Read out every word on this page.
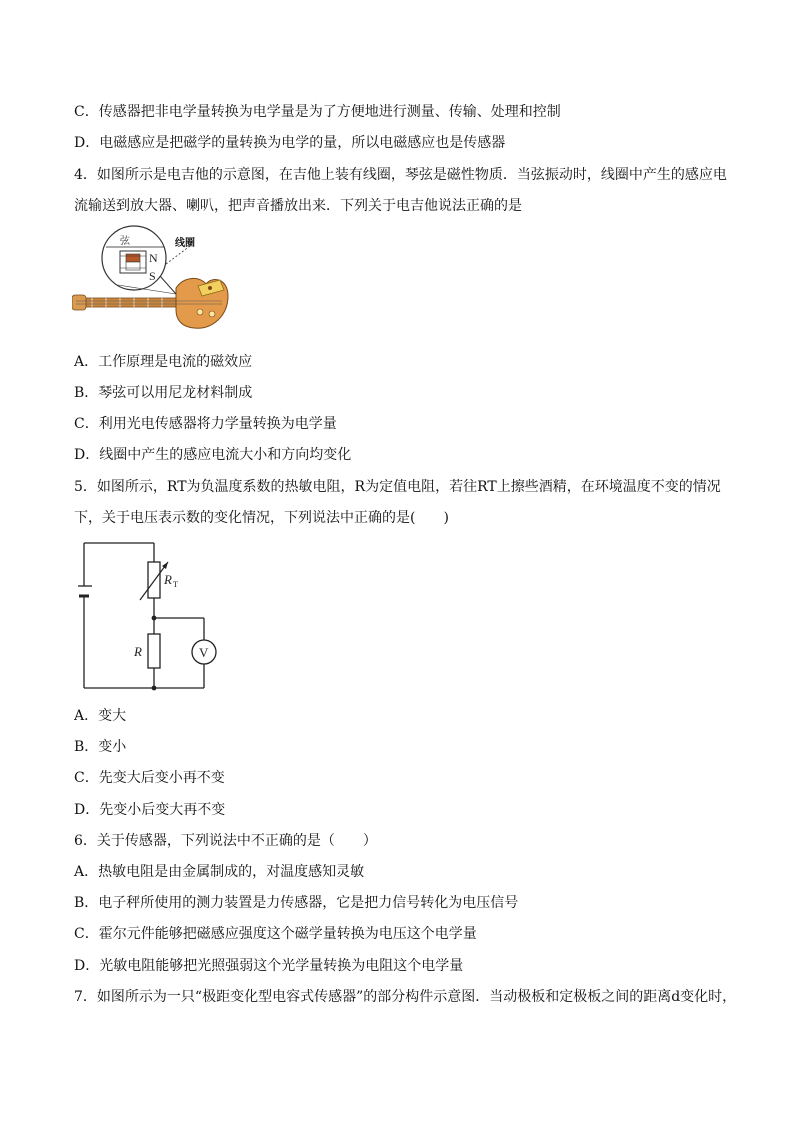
C．传感器把非电学量转换为电学量是为了方便地进行测量、传输、处理和控制
D．电磁感应是把磁学的量转换为电学的量，所以电磁感应也是传感器
4．如图所示是电吉他的示意图，在吉他上装有线圈，琴弦是磁性物质．当弦振动时，线圈中产生的感应电
流输送到放大器、喇叭，把声音播放出来．下列关于电吉他说法正确的是
弦
N
S
线圈
A．工作原理是电流的磁效应
B．琴弦可以用尼龙材料制成
C．利用光电传感器将力学量转换为电学量
D．线圈中产生的感应电流大小和方向均变化
5．如图所示，RT为负温度系数的热敏电阻，R为定值电阻，若往RT上擦些酒精，在环境温度不变的情况
下，关于电压表示数的变化情况，下列说法中正确的是(　　)
R T
R	V
A．变大
B．变小
C．先变大后变小再不变
D．先变小后变大再不变
6．关于传感器，下列说法中不正确的是（　　）
A．热敏电阻是由金属制成的，对温度感知灵敏
B．电子秤所使用的测力装置是力传感器，它是把力信号转化为电压信号
C．霍尔元件能够把磁感应强度这个磁学量转换为电压这个电学量
D．光敏电阻能够把光照强弱这个光学量转换为电阻这个电学量
7．如图所示为一只“极距变化型电容式传感器”的部分构件示意图．当动极板和定极板之间的距离d变化时，
